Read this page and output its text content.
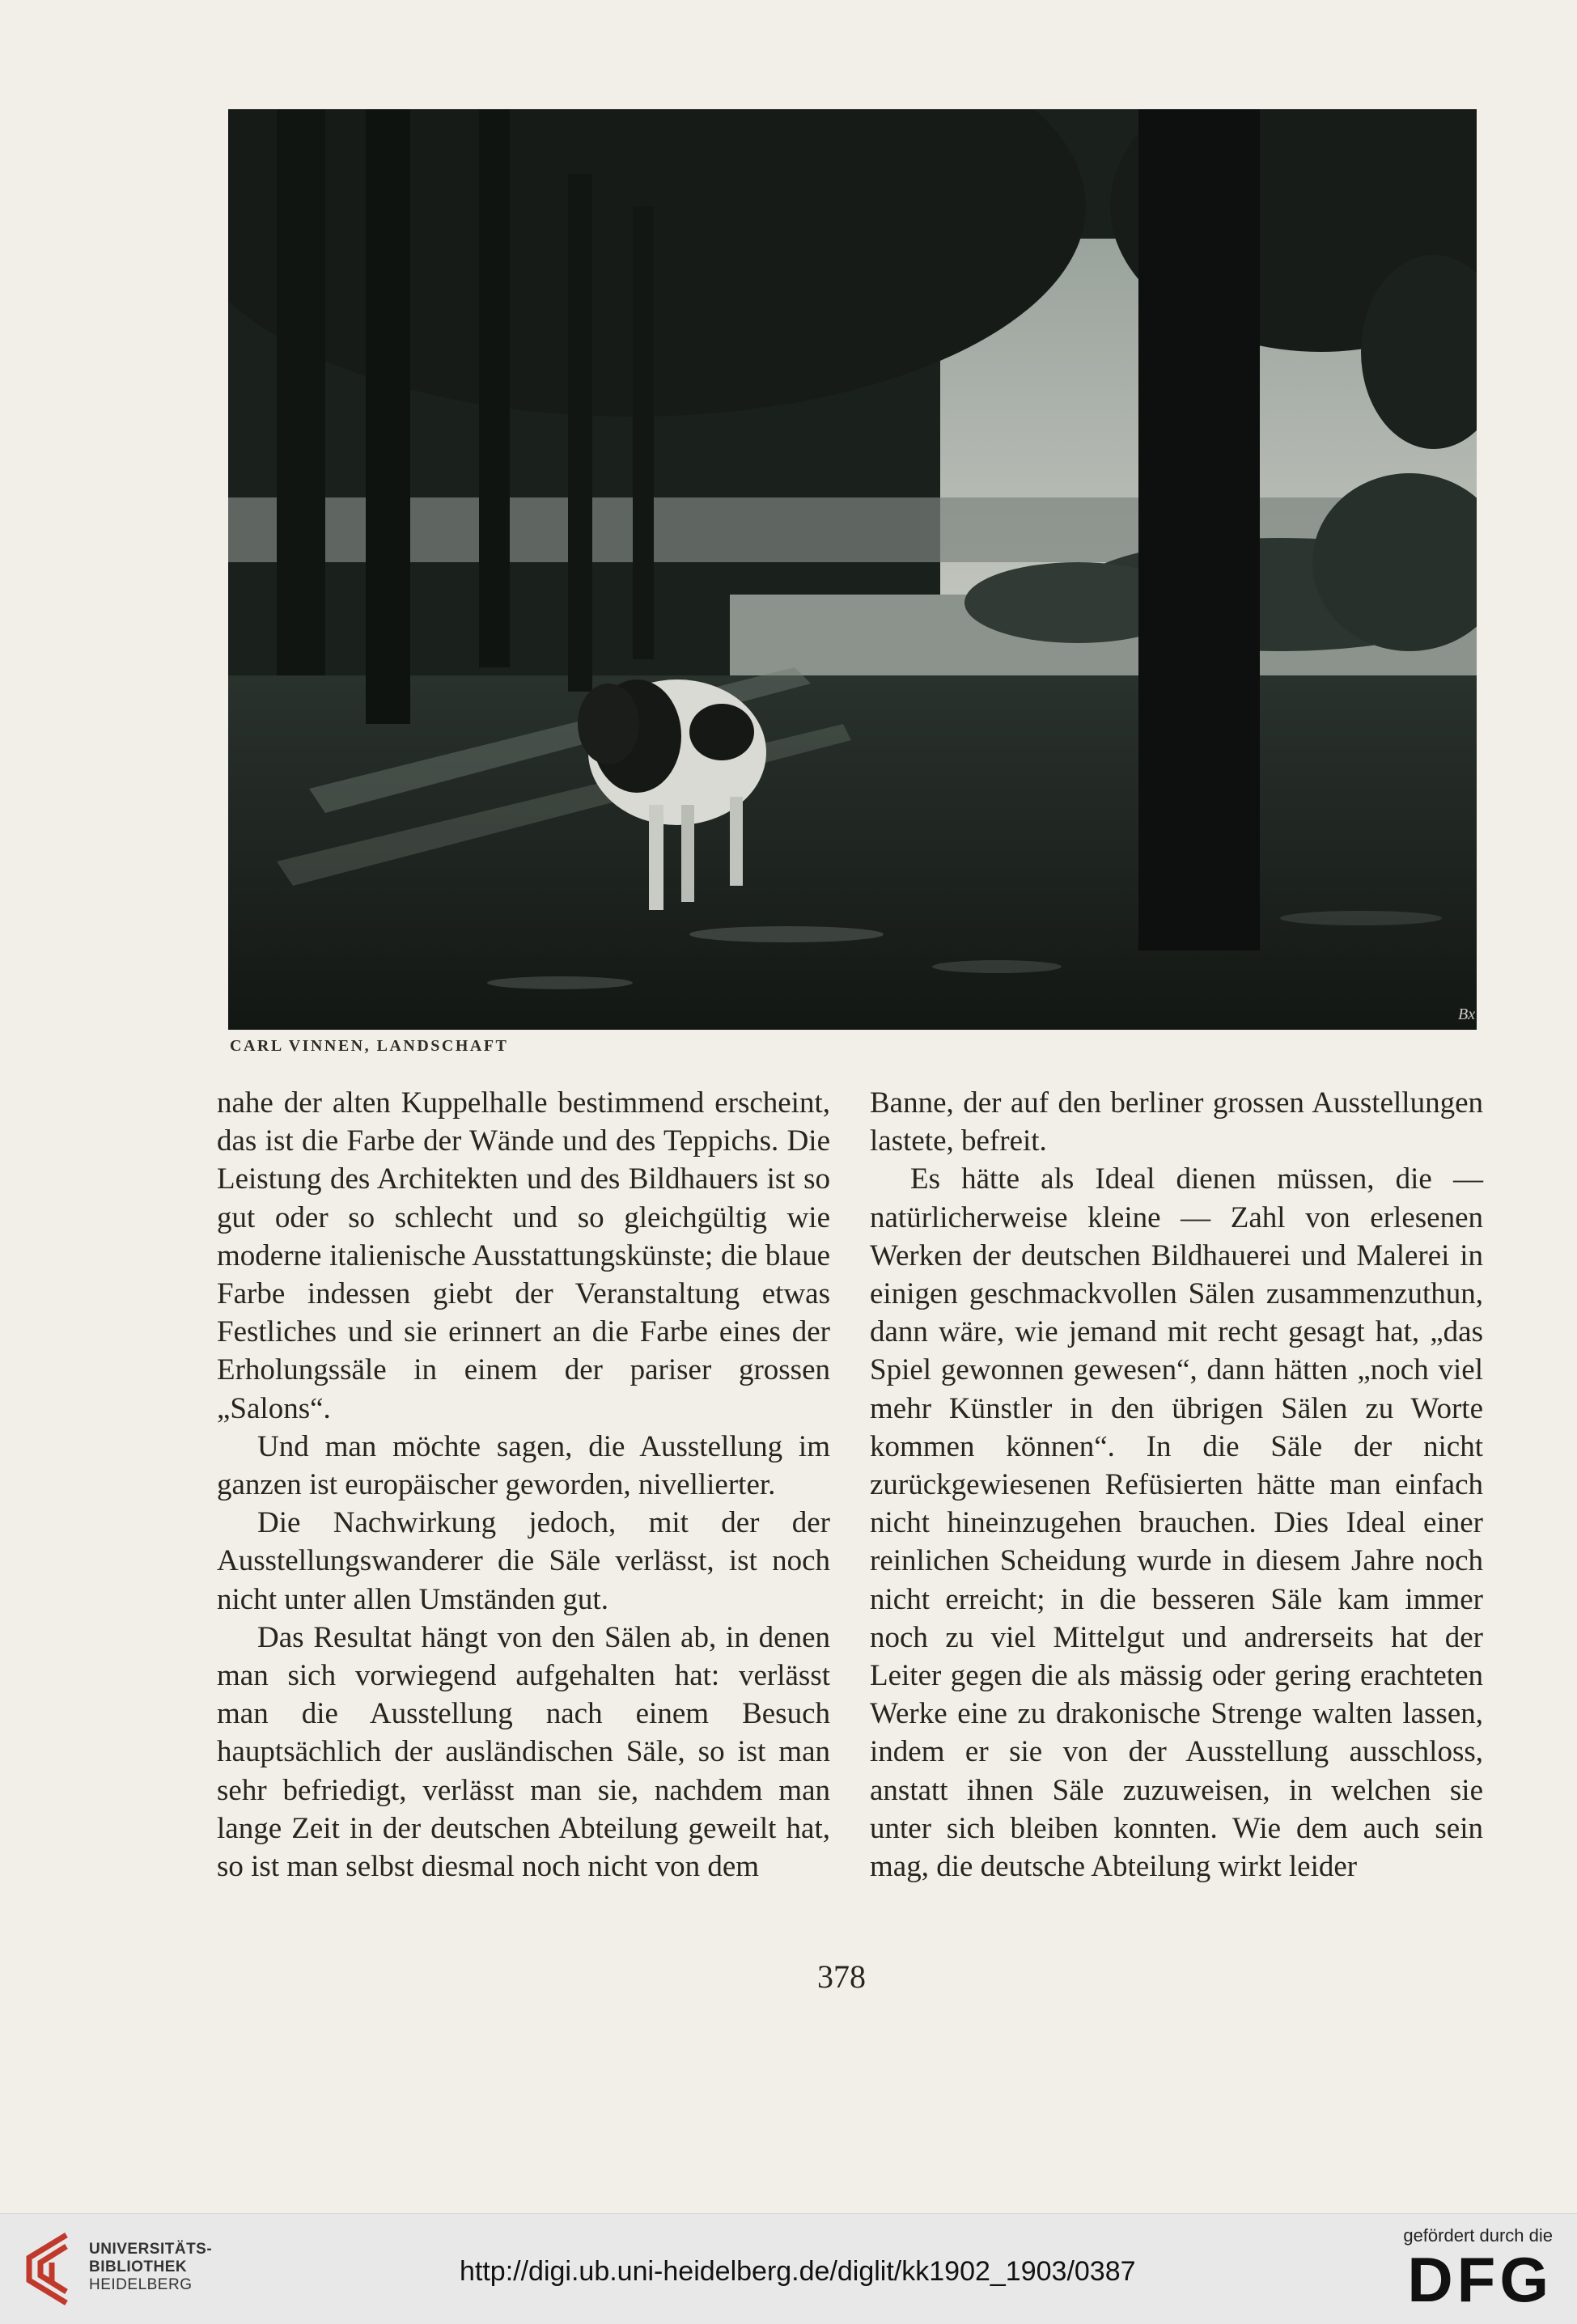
Bx
CARL VINNEN, LANDSCHAFT

nahe der alten Kuppelhalle bestimmend erscheint, das ist die Farbe der Wände und des Teppichs. Die Leistung des Architekten und des Bildhauers ist so gut oder so schlecht und so gleichgültig wie moderne italienische Ausstattungskünste; die blaue Farbe indessen giebt der Veranstaltung etwas Festliches und sie erinnert an die Farbe eines der Erholungssäle in einem der pariser grossen „Salons“.

Und man möchte sagen, die Ausstellung im ganzen ist europäischer geworden, nivellierter.

Die Nachwirkung jedoch, mit der der Ausstellungswanderer die Säle verlässt, ist noch nicht unter allen Umständen gut.

Das Resultat hängt von den Sälen ab, in denen man sich vorwiegend aufgehalten hat: verlässt man die Ausstellung nach einem Besuch hauptsächlich der ausländischen Säle, so ist man sehr befriedigt, verlässt man sie, nachdem man lange Zeit in der deutschen Abteilung geweilt hat, so ist man selbst diesmal noch nicht von dem

Banne, der auf den berliner grossen Ausstellungen lastete, befreit.

Es hätte als Ideal dienen müssen, die — natürlicherweise kleine — Zahl von erlesenen Werken der deutschen Bildhauerei und Malerei in einigen geschmackvollen Sälen zusammenzuthun, dann wäre, wie jemand mit recht gesagt hat, „das Spiel gewonnen gewesen“, dann hätten „noch viel mehr Künstler in den übrigen Sälen zu Worte kommen können“. In die Säle der nicht zurückgewiesenen Refüsierten hätte man einfach nicht hineinzugehen brauchen. Dies Ideal einer reinlichen Scheidung wurde in diesem Jahre noch nicht erreicht; in die besseren Säle kam immer noch zu viel Mittelgut und andrerseits hat der Leiter gegen die als mässig oder gering erachteten Werke eine zu drakonische Strenge walten lassen, indem er sie von der Ausstellung ausschloss, anstatt ihnen Säle zuzuweisen, in welchen sie unter sich bleiben konnten. Wie dem auch sein mag, die deutsche Abteilung wirkt leider

378
UNIVERSITÄTS-
BIBLIOTHEK
HEIDELBERG	http://digi.ub.uni-heidelberg.de/diglit/kk1902_1903/0387
gefördert durch die
DFG
